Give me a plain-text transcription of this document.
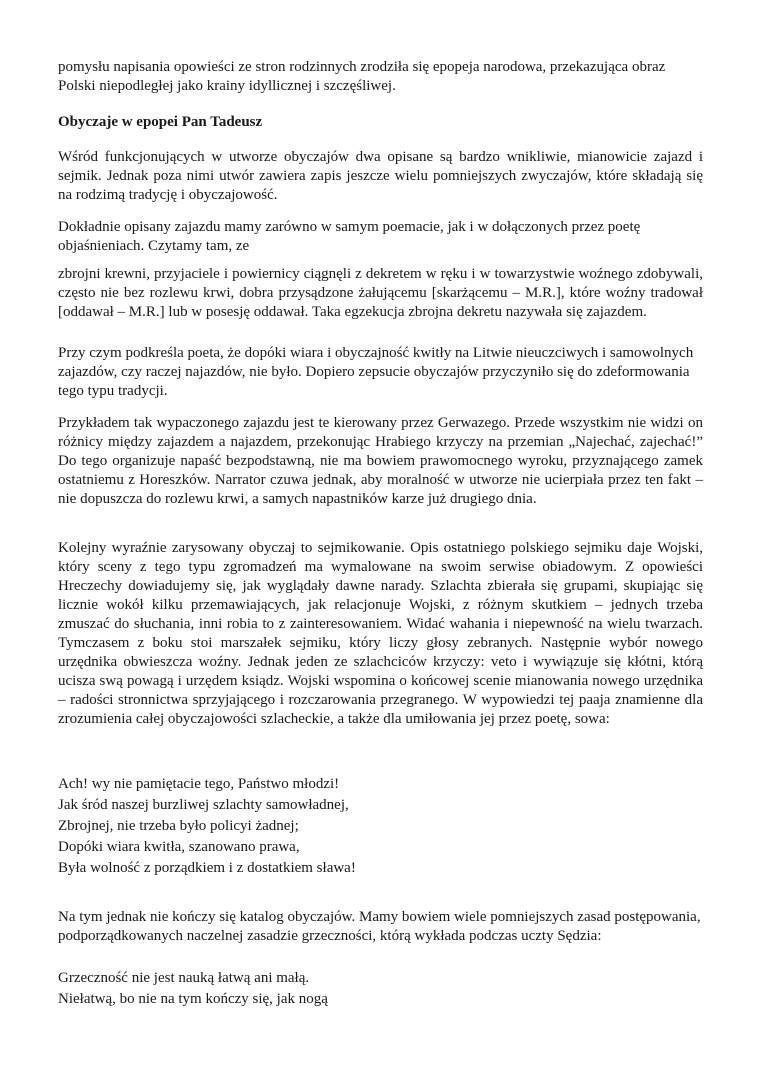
pomysłu napisania opowieści ze stron rodzinnych zrodziła się epopeja narodowa, przekazująca obraz Polski niepodległej jako krainy idyllicznej i szczęśliwej.

Obyczaje w epopei Pan Tadeusz

Wśród funkcjonujących w utworze obyczajów dwa opisane są bardzo wnikliwie, mianowicie zajazd i sejmik. Jednak poza nimi utwór zawiera zapis jeszcze wielu pomniejszych zwyczajów, które składają się na rodzimą tradycję i obyczajowość.

Dokładnie opisany zajazdu mamy zarówno w samym poemacie, jak i w dołączonych przez poetę objaśnieniach. Czytamy tam, ze

zbrojni krewni, przyjaciele i powiernicy ciągnęli z dekretem w ręku i w towarzystwie woźnego zdobywali, często nie bez rozlewu krwi, dobra przysądzone żałującemu [skarżącemu – M.R.], które woźny tradował [oddawał – M.R.] lub w posesję oddawał. Taka egzekucja zbrojna dekretu nazywała się zajazdem.

Przy czym podkreśla poeta, że dopóki wiara i obyczajność kwitły na Litwie nieuczciwych i samowolnych zajazdów, czy raczej najazdów, nie było. Dopiero zepsucie obyczajów przyczyniło się do zdeformowania tego typu tradycji.

Przykładem tak wypaczonego zajazdu jest te kierowany przez Gerwazego. Przede wszystkim nie widzi on różnicy między zajazdem a najazdem, przekonując Hrabiego krzyczy na przemian „Najechać, zajechać!” Do tego organizuje napaść bezpodstawną, nie ma bowiem prawomocnego wyroku, przyznającego zamek ostatniemu z Horeszków. Narrator czuwa jednak, aby moralność w utworze nie ucierpiała przez ten fakt – nie dopuszcza do rozlewu krwi, a samych napastników karze już drugiego dnia.

Kolejny wyraźnie zarysowany obyczaj to sejmikowanie. Opis ostatniego polskiego sejmiku daje Wojski, który sceny z tego typu zgromadzeń ma wymalowane na swoim serwise obiadowym. Z opowieści Hreczechy dowiadujemy się, jak wyglądały dawne narady. Szlachta zbierała się grupami, skupiając się licznie wokół kilku przemawiających, jak relacjonuje Wojski, z różnym skutkiem – jednych trzeba zmuszać do słuchania, inni robia to z zainteresowaniem. Widać wahania i niepewność na wielu twarzach. Tymczasem z boku stoi marszałek sejmiku, który liczy głosy zebranych. Następnie wybór nowego urzędnika obwieszcza woźny. Jednak jeden ze szlachciców krzyczy: veto i wywiązuje się kłótni, którą ucisza swą powagą i urzędem ksiądz. Wojski wspomina o końcowej scenie mianowania nowego urzędnika – radości stronnictwa sprzyjającego i rozczarowania przegranego. W wypowiedzi tej paaja znamienne dla zrozumienia całej obyczajowości szlacheckie, a także dla umiłowania jej przez poetę, sowa:

Ach! wy nie pamiętacie tego, Państwo młodzi!
Jak śród naszej burzliwej szlachty samowładnej,
Zbrojnej, nie trzeba było policyi żadnej;
Dopóki wiara kwitła, szanowano prawa,
Była wolność z porządkiem i z dostatkiem sława!

Na tym jednak nie kończy się katalog obyczajów. Mamy bowiem wiele pomniejszych zasad postępowania, podporządkowanych naczelnej zasadzie grzeczności, którą wykłada podczas uczty Sędzia:

Grzeczność nie jest nauką łatwą ani małą.
Niełatwą, bo nie na tym kończy się, jak nogą
